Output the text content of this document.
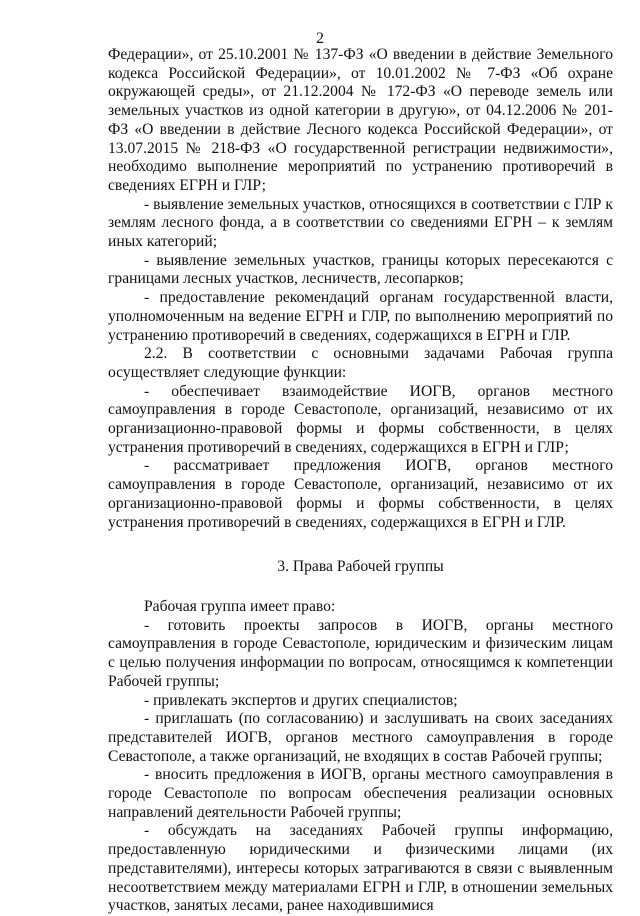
2

Федерации», от 25.10.2001 № 137-ФЗ «О введении в действие Земельного кодекса Российской Федерации», от 10.01.2002 № 7-ФЗ «Об охране окружающей среды», от 21.12.2004 № 172-ФЗ «О переводе земель или земельных участков из одной категории в другую», от 04.12.2006 № 201-ФЗ «О введении в действие Лесного кодекса Российской Федерации», от 13.07.2015 № 218-ФЗ «О государственной регистрации недвижимости», необходимо выполнение мероприятий по устранению противоречий в сведениях ЕГРН и ГЛР;

- выявление земельных участков, относящихся в соответствии с ГЛР к землям лесного фонда, а в соответствии со сведениями ЕГРН – к землям иных категорий;

- выявление земельных участков, границы которых пересекаются с границами лесных участков, лесничеств, лесопарков;

- предоставление рекомендаций органам государственной власти, уполномоченным на ведение ЕГРН и ГЛР, по выполнению мероприятий по устранению противоречий в сведениях, содержащихся в ЕГРН и ГЛР.

2.2. В соответствии с основными задачами Рабочая группа осуществляет следующие функции:

- обеспечивает взаимодействие ИОГВ, органов местного самоуправления в городе Севастополе, организаций, независимо от их организационно-правовой формы и формы собственности, в целях устранения противоречий в сведениях, содержащихся в ЕГРН и ГЛР;

- рассматривает предложения ИОГВ, органов местного самоуправления в городе Севастополе, организаций, независимо от их организационно-правовой формы и формы собственности, в целях устранения противоречий в сведениях, содержащихся в ЕГРН и ГЛР.

3. Права Рабочей группы

Рабочая группа имеет право:

- готовить проекты запросов в ИОГВ, органы местного самоуправления в городе Севастополе, юридическим и физическим лицам с целью получения информации по вопросам, относящимся к компетенции Рабочей группы;

- привлекать экспертов и других специалистов;

- приглашать (по согласованию) и заслушивать на своих заседаниях представителей ИОГВ, органов местного самоуправления в городе Севастополе, а также организаций, не входящих в состав Рабочей группы;

- вносить предложения в ИОГВ, органы местного самоуправления в городе Севастополе по вопросам обеспечения реализации основных направлений деятельности Рабочей группы;

- обсуждать на заседаниях Рабочей группы информацию, предоставленную юридическими и физическими лицами (их представителями), интересы которых затрагиваются в связи с выявленным несоответствием между материалами ЕГРН и ГЛР, в отношении земельных участков, занятых лесами, ранее находившимися
